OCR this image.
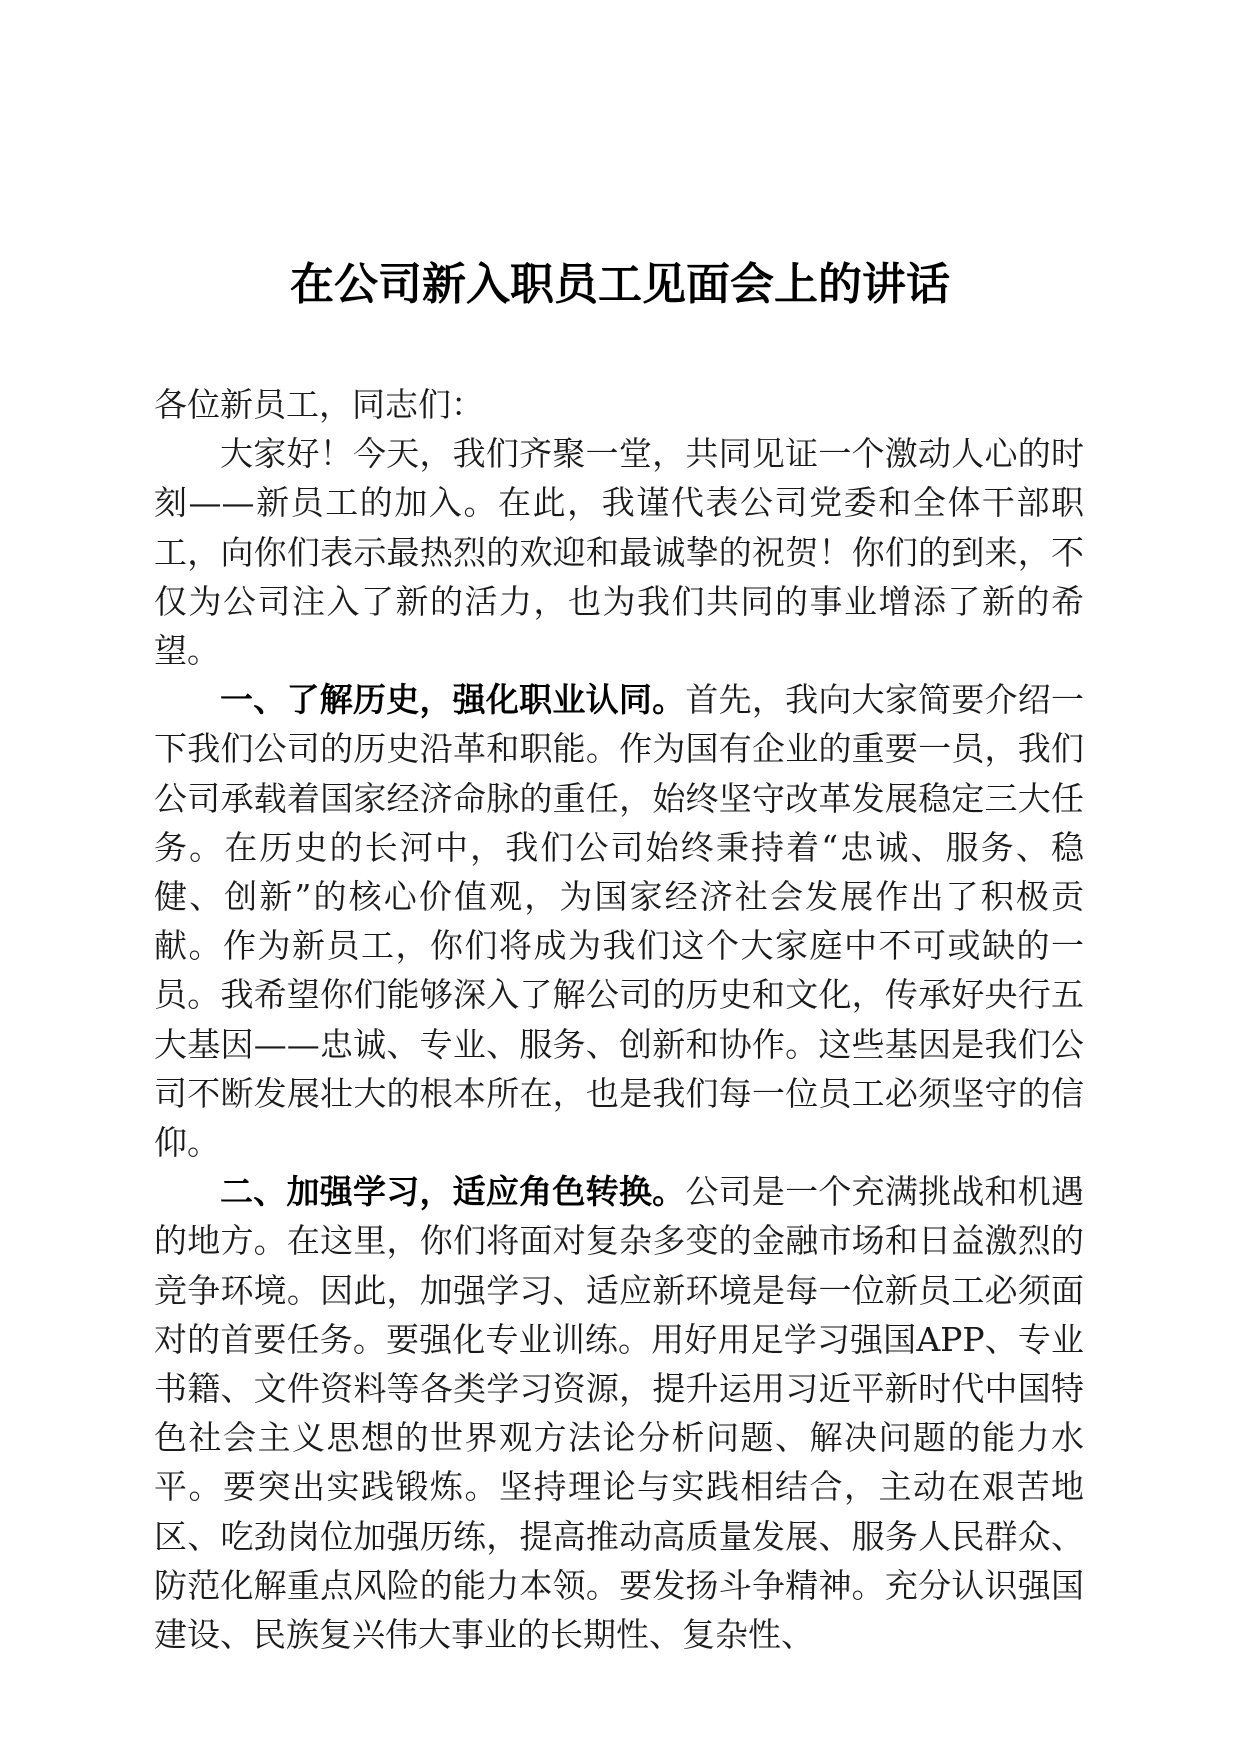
在公司新入职员工见面会上的讲话

各位新员工，同志们：

大家好！今天，我们齐聚一堂，共同见证一个激动人心的时刻——新员工的加入。在此，我谨代表公司党委和全体干部职工，向你们表示最热烈的欢迎和最诚挚的祝贺！你们的到来，不仅为公司注入了新的活力，也为我们共同的事业增添了新的希望。

一、了解历史，强化职业认同。首先，我向大家简要介绍一下我们公司的历史沿革和职能。作为国有企业的重要一员，我们公司承载着国家经济命脉的重任，始终坚守改革发展稳定三大任务。在历史的长河中，我们公司始终秉持着“忠诚、服务、稳健、创新”的核心价值观，为国家经济社会发展作出了积极贡献。作为新员工，你们将成为我们这个大家庭中不可或缺的一员。我希望你们能够深入了解公司的历史和文化，传承好央行五大基因——忠诚、专业、服务、创新和协作。这些基因是我们公司不断发展壮大的根本所在，也是我们每一位员工必须坚守的信仰。

二、加强学习，适应角色转换。公司是一个充满挑战和机遇的地方。在这里，你们将面对复杂多变的金融市场和日益激烈的竞争环境。因此，加强学习、适应新环境是每一位新员工必须面对的首要任务。要强化专业训练。用好用足学习强国APP、专业书籍、文件资料等各类学习资源，提升运用习近平新时代中国特色社会主义思想的世界观方法论分析问题、解决问题的能力水平。要突出实践锻炼。坚持理论与实践相结合，主动在艰苦地区、吃劲岗位加强历练，提高推动高质量发展、服务人民群众、防范化解重点风险的能力本领。要发扬斗争精神。充分认识强国建设、民族复兴伟大事业的长期性、复杂性、
